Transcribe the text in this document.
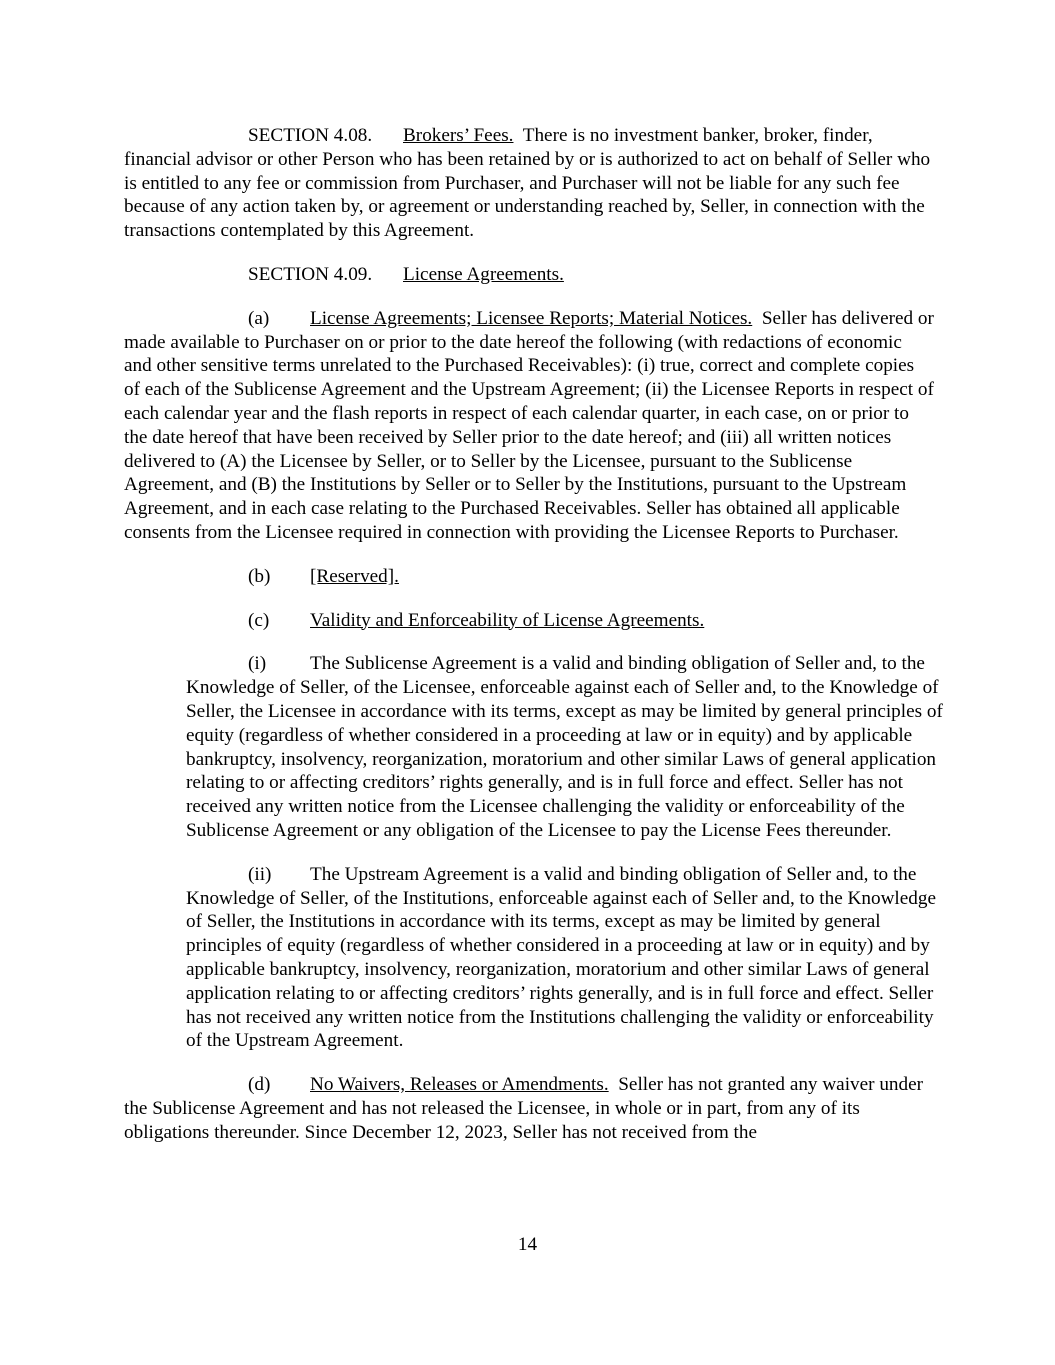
SECTION 4.08. Brokers’ Fees. There is no investment banker, broker, finder, financial advisor or other Person who has been retained by or is authorized to act on behalf of Seller who is entitled to any fee or commission from Purchaser, and Purchaser will not be liable for any such fee because of any action taken by, or agreement or understanding reached by, Seller, in connection with the transactions contemplated by this Agreement.

SECTION 4.09. License Agreements.

(a) License Agreements; Licensee Reports; Material Notices. Seller has delivered or made available to Purchaser on or prior to the date hereof the following (with redactions of economic and other sensitive terms unrelated to the Purchased Receivables): (i) true, correct and complete copies of each of the Sublicense Agreement and the Upstream Agreement; (ii) the Licensee Reports in respect of each calendar year and the flash reports in respect of each calendar quarter, in each case, on or prior to the date hereof that have been received by Seller prior to the date hereof; and (iii) all written notices delivered to (A) the Licensee by Seller, or to Seller by the Licensee, pursuant to the Sublicense Agreement, and (B) the Institutions by Seller or to Seller by the Institutions, pursuant to the Upstream Agreement, and in each case relating to the Purchased Receivables. Seller has obtained all applicable consents from the Licensee required in connection with providing the Licensee Reports to Purchaser.

(b) [Reserved].

(c) Validity and Enforceability of License Agreements.

(i) The Sublicense Agreement is a valid and binding obligation of Seller and, to the Knowledge of Seller, of the Licensee, enforceable against each of Seller and, to the Knowledge of Seller, the Licensee in accordance with its terms, except as may be limited by general principles of equity (regardless of whether considered in a proceeding at law or in equity) and by applicable bankruptcy, insolvency, reorganization, moratorium and other similar Laws of general application relating to or affecting creditors’ rights generally, and is in full force and effect. Seller has not received any written notice from the Licensee challenging the validity or enforceability of the Sublicense Agreement or any obligation of the Licensee to pay the License Fees thereunder.

(ii) The Upstream Agreement is a valid and binding obligation of Seller and, to the Knowledge of Seller, of the Institutions, enforceable against each of Seller and, to the Knowledge of Seller, the Institutions in accordance with its terms, except as may be limited by general principles of equity (regardless of whether considered in a proceeding at law or in equity) and by applicable bankruptcy, insolvency, reorganization, moratorium and other similar Laws of general application relating to or affecting creditors’ rights generally, and is in full force and effect. Seller has not received any written notice from the Institutions challenging the validity or enforceability of the Upstream Agreement.

(d) No Waivers, Releases or Amendments. Seller has not granted any waiver under the Sublicense Agreement and has not released the Licensee, in whole or in part, from any of its obligations thereunder. Since December 12, 2023, Seller has not received from the

14
